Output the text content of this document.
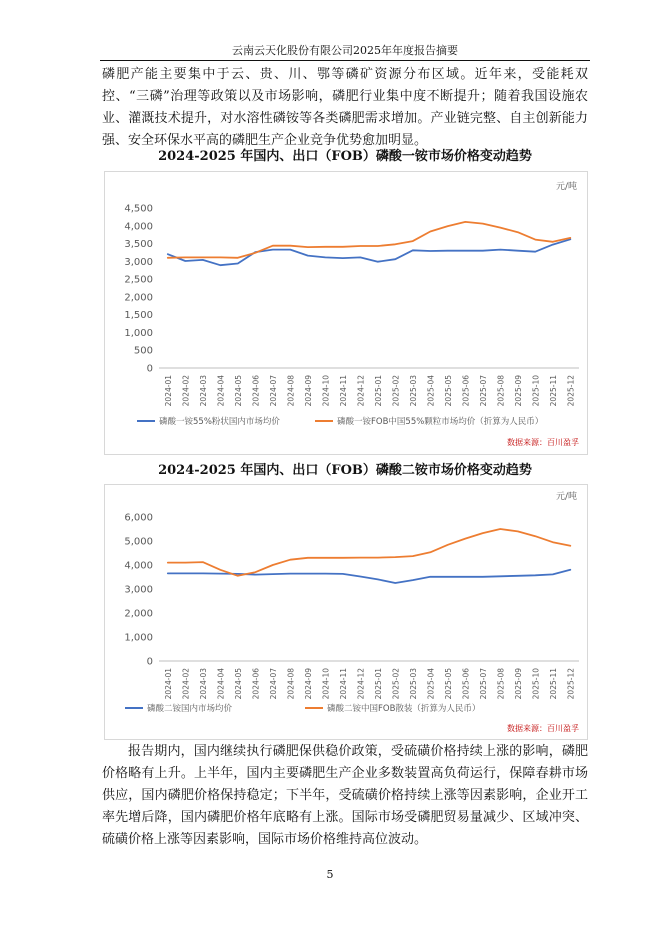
云南云天化股份有限公司2025年年度报告摘要
磷肥产能主要集中于云、贵、川、鄂等磷矿资源分布区域。近年来，受能耗双控、“三磷”治理等政策以及市场影响，磷肥行业集中度不断提升；随着我国设施农业、灌溉技术提升，对水溶性磷铵等各类磷肥需求增加。产业链完整、自主创新能力强、安全环保水平高的磷肥生产企业竞争优势愈加明显。
2024-2025 年国内、出口（FOB）磷酸一铵市场价格变动趋势
元/吨
0
500
1,000
1,500
2,000
2,500
3,000
3,500
4,000
4,500
2024-01 2024-02 2024-03 2024-04 2024-05 2024-06 2024-07 2024-08 2024-09 2024-10 2024-11 2024-12 2025-01 2025-02 2025-03 2025-04 2025-05 2025-06 2025-07 2025-08 2025-09 2025-10 2025-11 2025-12
磷酸一铵55%粉状国内市场均价	磷酸一铵FOB中国55%颗粒市场均价（折算为人民币）
数据来源：百川盈孚
2024-2025 年国内、出口（FOB）磷酸二铵市场价格变动趋势
元/吨
0
1,000
2,000
3,000
4,000
5,000
6,000
2024-01 2024-02 2024-03 2024-04 2024-05 2024-06 2024-07 2024-08 2024-09 2024-10 2024-11 2024-12 2025-01 2025-02 2025-03 2025-04 2025-05 2025-06 2025-07 2025-08 2025-09 2025-10 2025-11 2025-12
磷酸二铵国内市场均价	磷酸二铵中国FOB散装（折算为人民币）
数据来源：百川盈孚
报告期内，国内继续执行磷肥保供稳价政策，受硫磺价格持续上涨的影响，磷肥价格略有上升。上半年，国内主要磷肥生产企业多数装置高负荷运行，保障春耕市场供应，国内磷肥价格保持稳定；下半年，受硫磺价格持续上涨等因素影响，企业开工率先增后降，国内磷肥价格年底略有上涨。国际市场受磷肥贸易量减少、区域冲突、硫磺价格上涨等因素影响，国际市场价格维持高位波动。
5
